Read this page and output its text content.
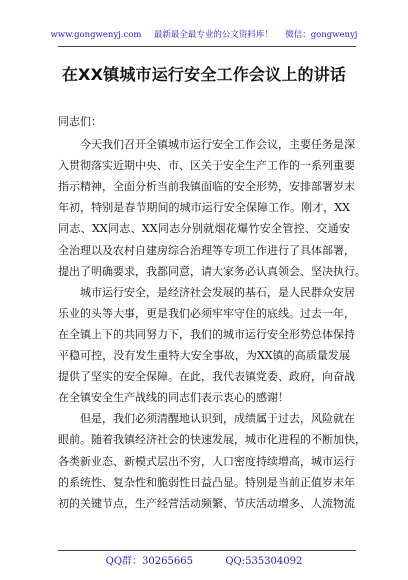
www.gongwenyj.com 最新最全最专业的公文资料库！ 微信：gongwenyj
在XX镇城市运行安全工作会议上的讲话

同志们：

今天我们召开全镇城市运行安全工作会议，主要任务是深
入贯彻落实近期中央、市、区关于安全生产工作的一系列重要
指示精神，全面分析当前我镇面临的安全形势，安排部署岁末
年初，特别是春节期间的城市运行安全保障工作。刚才，XX
同志、XX同志、XX同志分别就烟花爆竹安全管控、交通安
全治理以及农村自建房综合治理等专项工作进行了具体部署，
提出了明确要求，我都同意，请大家务必认真领会、坚决执行。
城市运行安全，是经济社会发展的基石，是人民群众安居
乐业的头等大事，更是我们必须牢牢守住的底线。过去一年，
在全镇上下的共同努力下，我们的城市运行安全形势总体保持
平稳可控，没有发生重特大安全事故，为XX镇的高质量发展
提供了坚实的安全保障。在此，我代表镇党委、政府，向奋战
在全镇安全生产战线的同志们表示衷心的感谢！
但是，我们必须清醒地认识到，成绩属于过去，风险就在
眼前。随着我镇经济社会的快速发展，城市化进程的不断加快，
各类新业态、新模式层出不穷，人口密度持续增高，城市运行
的系统性、复杂性和脆弱性日益凸显。特别是当前正值岁末年
初的关键节点，生产经营活动频繁、节庆活动增多、人流物流
QQ群：30265665	QQ:535304092
